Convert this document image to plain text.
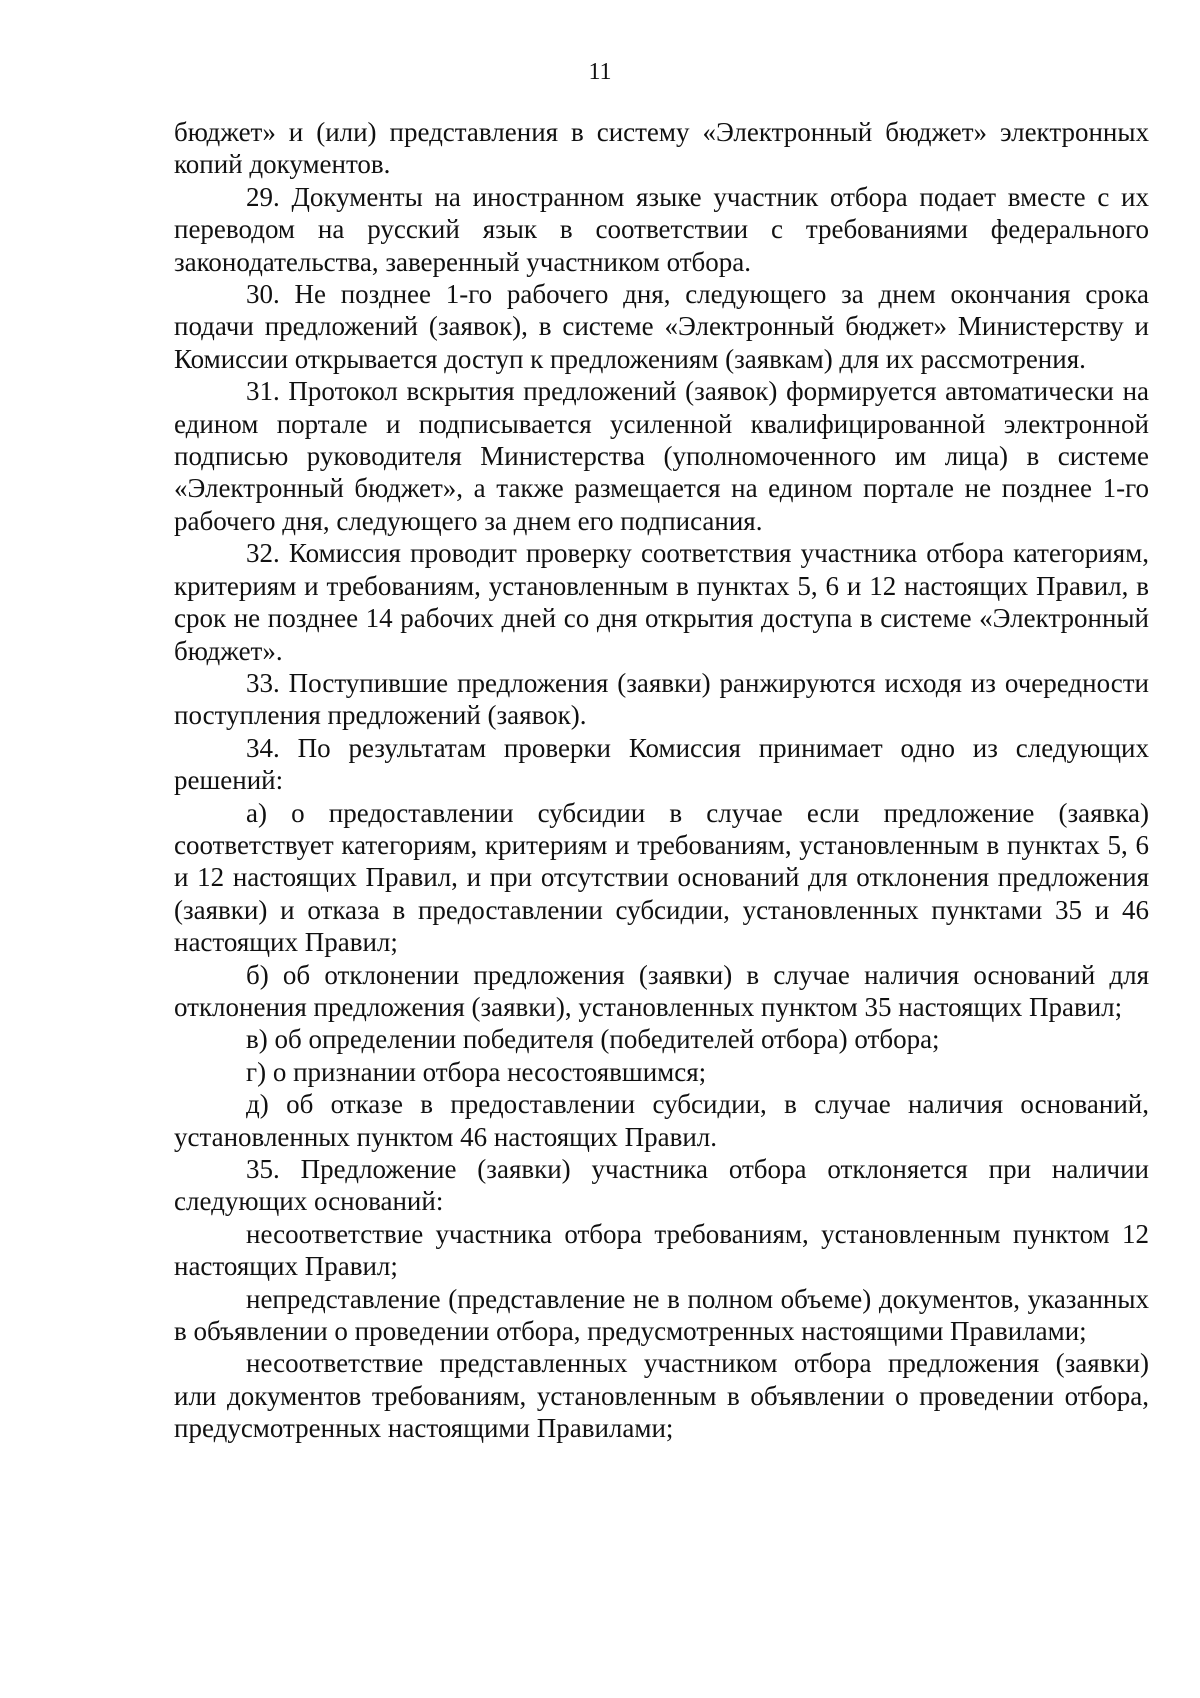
11

бюджет» и (или) представления в систему «Электронный бюджет» электронных копий документов.

29. Документы на иностранном языке участник отбора подает вместе с их переводом на русский язык в соответствии с требованиями федерального законодательства, заверенный участником отбора.

30. Не позднее 1-го рабочего дня, следующего за днем окончания срока подачи предложений (заявок), в системе «Электронный бюджет» Министерству и Комиссии открывается доступ к предложениям (заявкам) для их рассмотрения.

31. Протокол вскрытия предложений (заявок) формируется автоматически на едином портале и подписывается усиленной квалифицированной электронной подписью руководителя Министерства (уполномоченного им лица) в системе «Электронный бюджет», а также размещается на едином портале не позднее 1-го рабочего дня, следующего за днем его подписания.

32. Комиссия проводит проверку соответствия участника отбора категориям, критериям и требованиям, установленным в пунктах 5, 6 и 12 настоящих Правил, в срок не позднее 14 рабочих дней со дня открытия доступа в системе «Электронный бюджет».

33. Поступившие предложения (заявки) ранжируются исходя из очередности поступления предложений (заявок).

34. По результатам проверки Комиссия принимает одно из следующих решений:

а) о предоставлении субсидии в случае если предложение (заявка) соответствует категориям, критериям и требованиям, установленным в пунктах 5, 6 и 12 настоящих Правил, и при отсутствии оснований для отклонения предложения (заявки) и отказа в предоставлении субсидии, установленных пунктами 35 и 46 настоящих Правил;

б) об отклонении предложения (заявки) в случае наличия оснований для отклонения предложения (заявки), установленных пунктом 35 настоящих Правил;

в) об определении победителя (победителей отбора) отбора;

г) о признании отбора несостоявшимся;

д) об отказе в предоставлении субсидии, в случае наличия оснований, установленных пунктом 46 настоящих Правил.

35. Предложение (заявки) участника отбора отклоняется при наличии следующих оснований:

несоответствие участника отбора требованиям, установленным пунктом 12 настоящих Правил;

непредставление (представление не в полном объеме) документов, указанных в объявлении о проведении отбора, предусмотренных настоящими Правилами;

несоответствие представленных участником отбора предложения (заявки) или документов требованиям, установленным в объявлении о проведении отбора, предусмотренных настоящими Правилами;
